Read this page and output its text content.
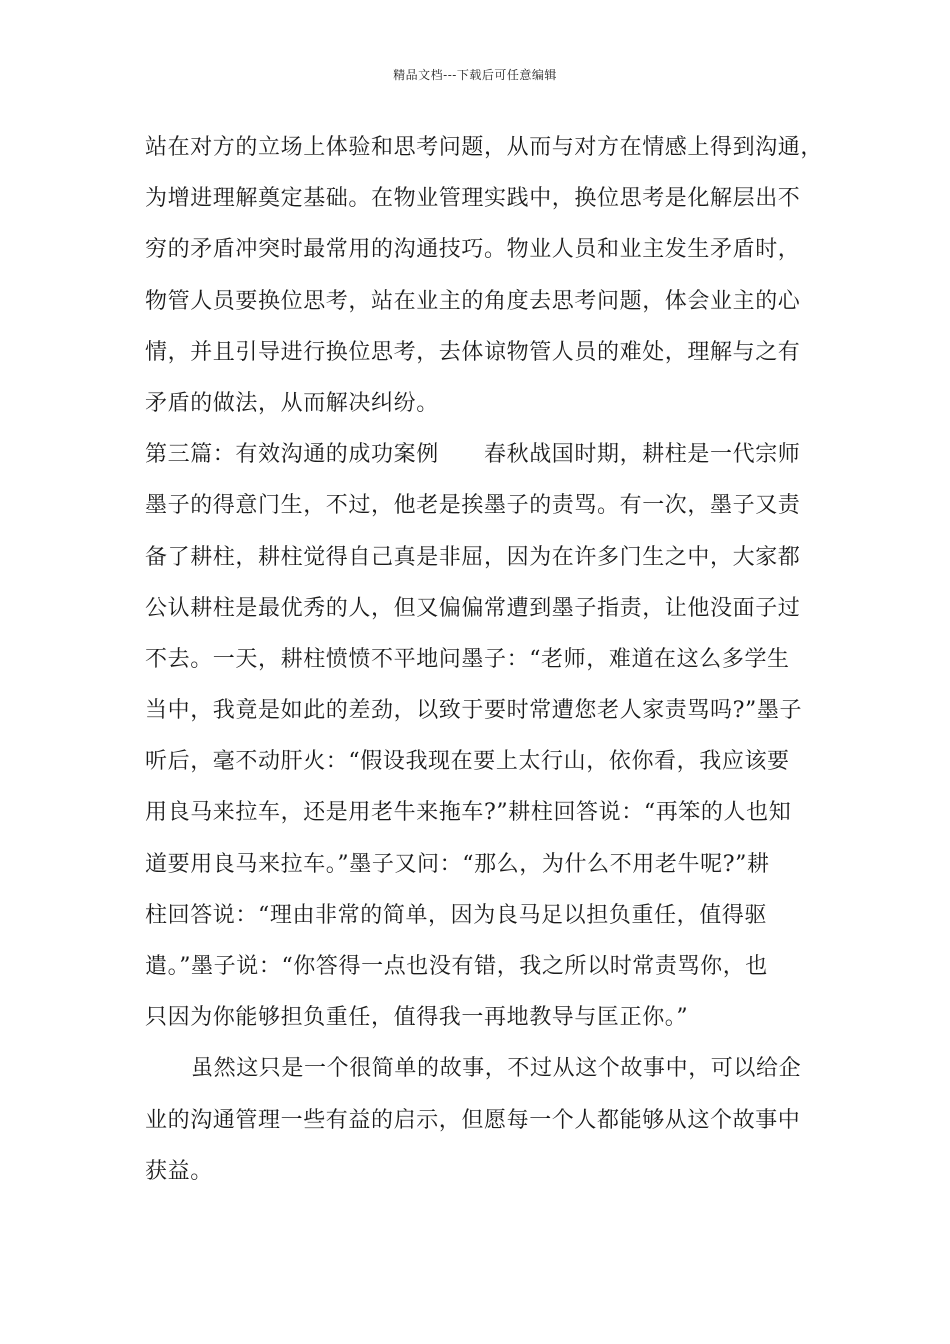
精品文档---下载后可任意编辑
站在对方的立场上体验和思考问题，从而与对方在情感上得到沟通，
为增进理解奠定基础。在物业管理实践中，换位思考是化解层出不
穷的矛盾冲突时最常用的沟通技巧。物业人员和业主发生矛盾时，
物管人员要换位思考，站在业主的角度去思考问题，体会业主的心
情，并且引导进行换位思考，去体谅物管人员的难处，理解与之有
矛盾的做法，从而解决纠纷。
第三篇：有效沟通的成功案例　　春秋战国时期，耕柱是一代宗师
墨子的得意门生，不过，他老是挨墨子的责骂。有一次，墨子又责
备了耕柱，耕柱觉得自己真是非屈，因为在许多门生之中，大家都
公认耕柱是最优秀的人，但又偏偏常遭到墨子指责，让他没面子过
不去。一天，耕柱愤愤不平地问墨子：“老师，难道在这么多学生
当中，我竟是如此的差劲，以致于要时常遭您老人家责骂吗?”墨子
听后，毫不动肝火：“假设我现在要上太行山，依你看，我应该要
用良马来拉车，还是用老牛来拖车?”耕柱回答说：“再笨的人也知
道要用良马来拉车。”墨子又问：“那么，为什么不用老牛呢?”耕
柱回答说：“理由非常的简单，因为良马足以担负重任，值得驱
遣。”墨子说：“你答得一点也没有错，我之所以时常责骂你，也
只因为你能够担负重任，值得我一再地教导与匡正你。”
虽然这只是一个很简单的故事，不过从这个故事中，可以给企
业的沟通管理一些有益的启示，但愿每一个人都能够从这个故事中
获益。
